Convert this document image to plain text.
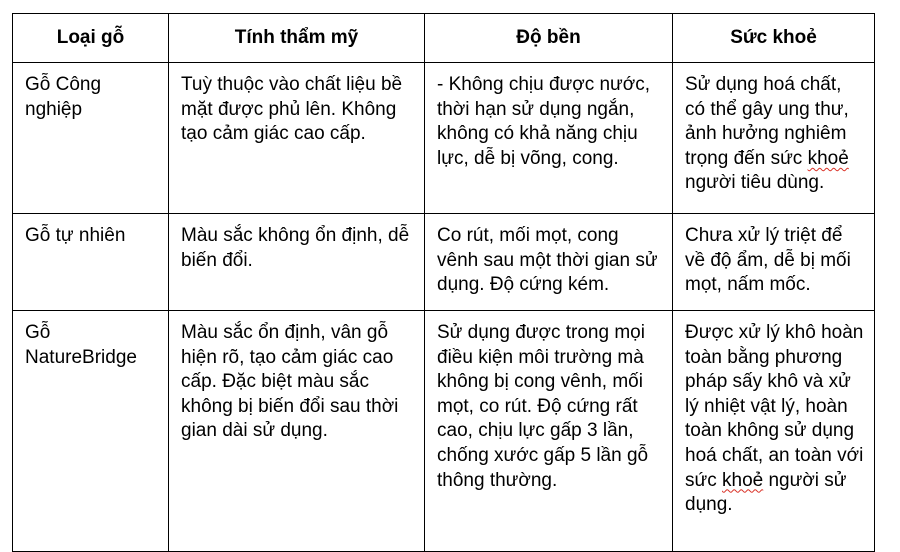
Loại gỗ	Tính thẩm mỹ	Độ bền	Sức khoẻ
Gỗ Công nghiệp	Tuỳ thuộc vào chất liệu bề mặt được phủ lên. Không tạo cảm giác cao cấp.	- Không chịu được nước, thời hạn sử dụng ngắn, không có khả năng chịu lực, dễ bị võng, cong.	Sử dụng hoá chất, có thể gây ung thư, ảnh hưởng nghiêm trọng đến sức khoẻ người tiêu dùng.
Gỗ tự nhiên	Màu sắc không ổn định, dễ biến đổi.	Co rút, mối mọt, cong vênh sau một thời gian sử dụng. Độ cứng kém.	Chưa xử lý triệt để về độ ẩm, dễ bị mối mọt, nấm mốc.
Gỗ NatureBridge	Màu sắc ổn định, vân gỗ hiện rõ, tạo cảm giác cao cấp. Đặc biệt màu sắc không bị biến đổi sau thời gian dài sử dụng.	Sử dụng được trong mọi điều kiện môi trường mà không bị cong vênh, mối mọt, co rút. Độ cứng rất cao, chịu lực gấp 3 lần, chống xước gấp 5 lần gỗ thông thường.	Được xử lý khô hoàn toàn bằng phương pháp sấy khô và xử lý nhiệt vật lý, hoàn toàn không sử dụng hoá chất, an toàn với sức khoẻ người sử dụng.
